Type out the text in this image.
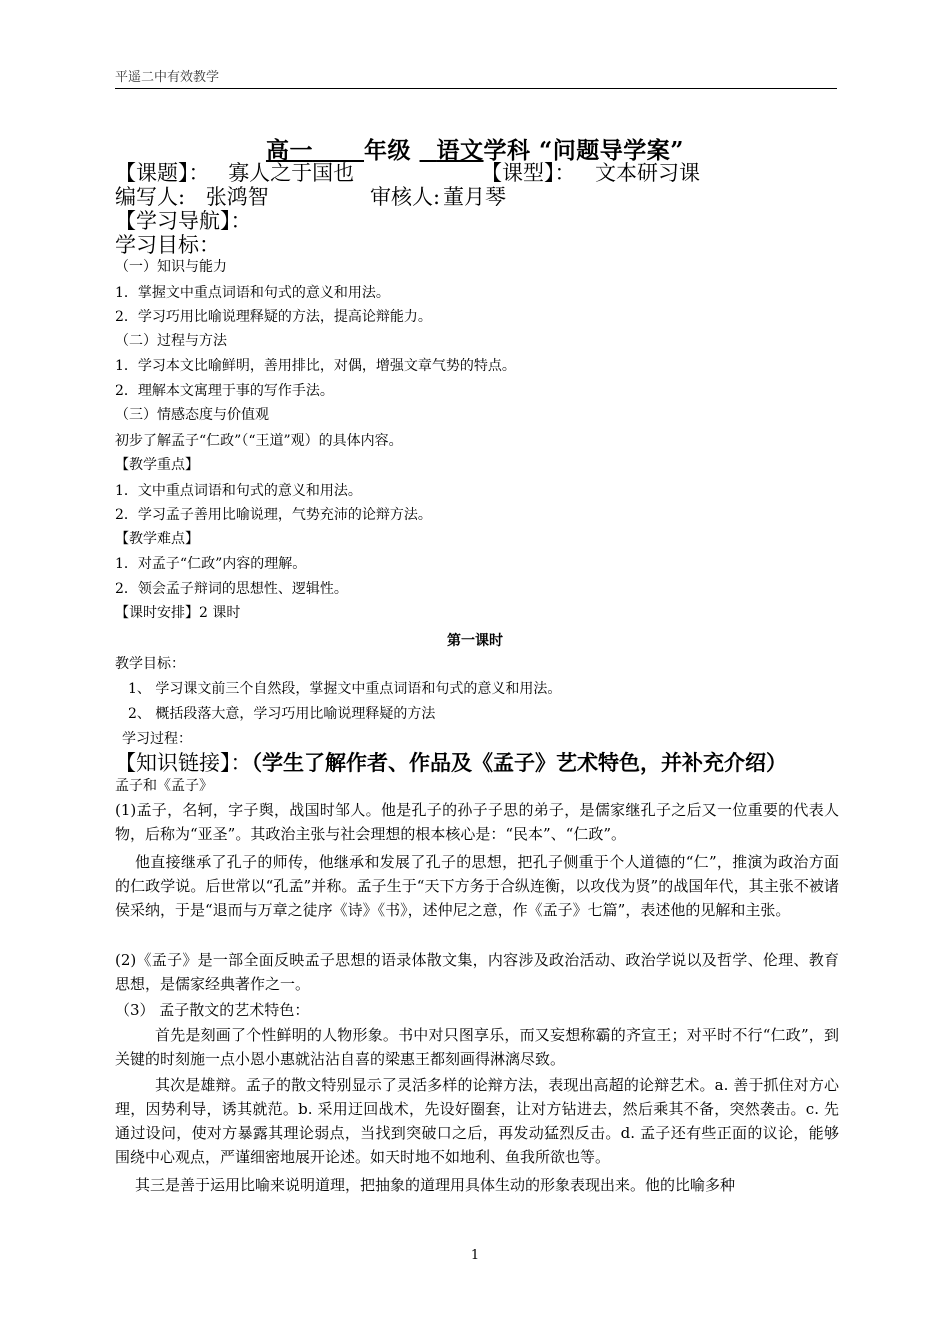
平遥二中有效教学
高一 年级 语文学科 “问题导学案”
【课题】： 寡人之于国也	【课型】： 文本研习课
编写人: 张鸿智	审核人: 董月琴
【学习导航】：
学习目标：
（一）知识与能力
1．掌握文中重点词语和句式的意义和用法。
2．学习巧用比喻说理释疑的方法，提高论辩能力。
（二）过程与方法
1．学习本文比喻鲜明，善用排比，对偶，增强文章气势的特点。
2．理解本文寓理于事的写作手法。
（三）情感态度与价值观
初步了解孟子“仁政”（“王道”观）的具体内容。
【教学重点】
1．文中重点词语和句式的意义和用法。
2．学习孟子善用比喻说理，气势充沛的论辩方法。
【教学难点】
1．对孟子“仁政”内容的理解。
2．领会孟子辩词的思想性、逻辑性。
【课时安排】2 课时
第一课时
教学目标：
1、 学习课文前三个自然段，掌握文中重点词语和句式的意义和用法。
2、 概括段落大意，学习巧用比喻说理释疑的方法
学习过程：
【知识链接】：（学生了解作者、作品及《孟子》艺术特色，并补充介绍）
孟子和《孟子》
(1)孟子，名轲，字子舆，战国时邹人。他是孔子的孙子子思的弟子，是儒家继孔子之后又一位重要的代表人物，后称为“亚圣”。其政治主张与社会理想的根本核心是：“民本”、“仁政”。
他直接继承了孔子的师传，他继承和发展了孔子的思想，把孔子侧重于个人道德的“仁”，推演为政治方面的仁政学说。后世常以“孔孟”并称。孟子生于“天下方务于合纵连衡，以攻伐为贤”的战国年代，其主张不被诸侯采纳，于是“退而与万章之徒序《诗》《书》，述仲尼之意，作《孟子》七篇”，表述他的见解和主张。
(2)《孟子》是一部全面反映孟子思想的语录体散文集，内容涉及政治活动、政治学说以及哲学、伦理、教育思想，是儒家经典著作之一。
（3） 孟子散文的艺术特色：
首先是刻画了个性鲜明的人物形象。书中对只图享乐，而又妄想称霸的齐宣王；对平时不行“仁政”，到关键的时刻施一点小恩小惠就沾沾自喜的梁惠王都刻画得淋漓尽致。
其次是雄辩。孟子的散文特别显示了灵活多样的论辩方法，表现出高超的论辩艺术。a. 善于抓住对方心理，因势利导，诱其就范。b. 采用迂回战术，先设好圈套，让对方钻进去，然后乘其不备，突然袭击。c. 先通过设问，使对方暴露其理论弱点，当找到突破口之后，再发动猛烈反击。d. 孟子还有些正面的议论，能够围绕中心观点，严谨细密地展开论述。如天时地不如地利、鱼我所欲也等。
其三是善于运用比喻来说明道理，把抽象的道理用具体生动的形象表现出来。他的比喻多种
1
